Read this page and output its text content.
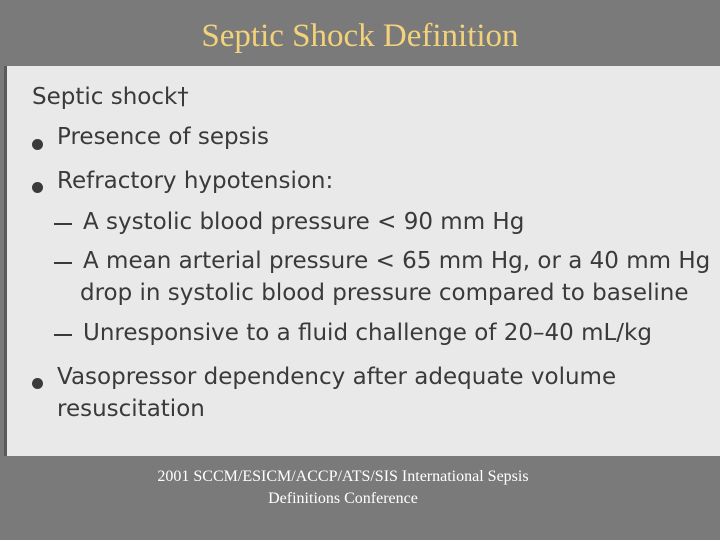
Septic Shock Definition
Septic shock†
Presence of sepsis
Refractory hypotension:
A systolic blood pressure < 90 mm Hg
A mean arterial pressure < 65 mm Hg, or a 40 mm Hg
drop in systolic blood pressure compared to baseline
Unresponsive to a fluid challenge of 20–40 mL/kg
Vasopressor dependency after adequate volume
resuscitation
2001 SCCM/ESICM/ACCP/ATS/SIS International Sepsis
Definitions Conference
